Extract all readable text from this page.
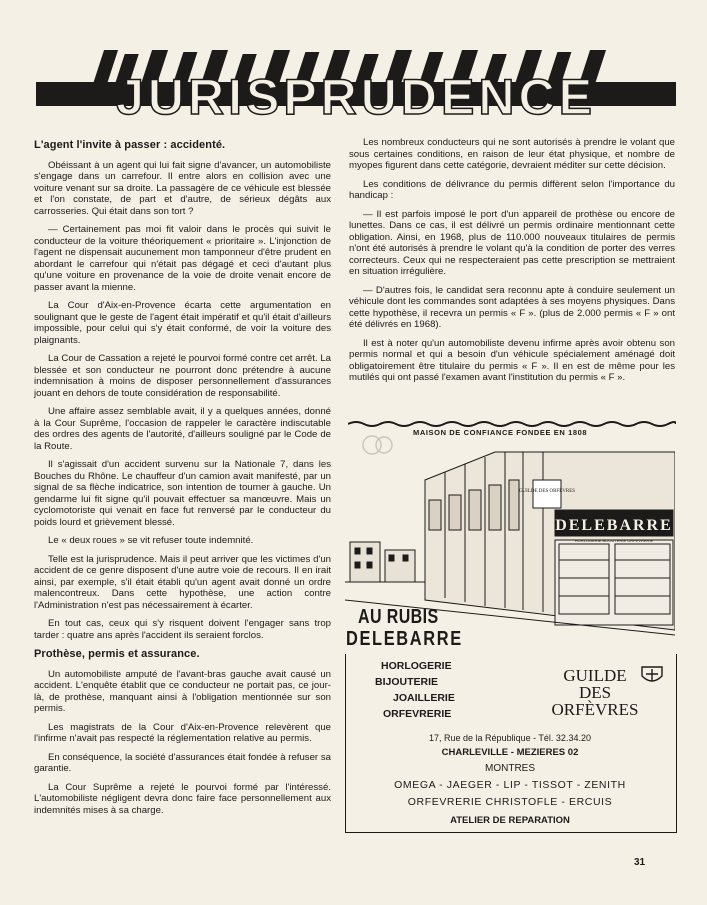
JURISPRUDENCE
L'agent l'invite à passer : accidenté.

Obéissant à un agent qui lui fait signe d'avancer, un automobiliste s'engage dans un carrefour. Il entre alors en collision avec une voiture venant sur sa droite. La passagère de ce véhicule est blessée et l'on constate, de part et d'autre, de sérieux dégâts aux carrosseries. Qui était dans son tort ?

— Certainement pas moi fit valoir dans le procès qui suivit le conducteur de la voiture théoriquement « prioritaire ». L'injonction de l'agent ne dispensait aucunement mon tamponneur d'être prudent en abordant le carrefour qui n'était pas dégagé et ceci d'autant plus qu'une voiture en provenance de la voie de droite venait encore de passer avant la mienne.

La Cour d'Aix-en-Provence écarta cette argumentation en soulignant que le geste de l'agent était impératif et qu'il était d'ailleurs impossible, pour celui qui s'y était conformé, de voir la voiture des plaignants.

La Cour de Cassation a rejeté le pourvoi formé contre cet arrêt. La blessée et son conducteur ne pourront donc prétendre à aucune indemnisation à moins de disposer personnellement d'assurances jouant en dehors de toute considération de responsabilité.

Une affaire assez semblable avait, il y a quelques années, donné à la Cour Suprême, l'occasion de rappeler le caractère indiscutable des ordres des agents de l'autorité, d'ailleurs souligné par le Code de la Route.

Il s'agissait d'un accident survenu sur la Nationale 7, dans les Bouches du Rhône. Le chauffeur d'un camion avait manifesté, par un signal de sa flèche indicatrice, son intention de tourner à gauche. Un gendarme lui fit signe qu'il pouvait effectuer sa manœuvre. Mais un cyclomotoriste qui venait en face fut renversé par le conducteur du poids lourd et grièvement blessé.

Le « deux roues » se vit refuser toute indemnité.

Telle est la jurisprudence. Mais il peut arriver que les victimes d'un accident de ce genre disposent d'une autre voie de recours. Il en irait ainsi, par exemple, s'il était établi qu'un agent avait donné un ordre malencontreux. Dans cette hypothèse, une action contre l'Administration n'est pas nécessairement à écarter.

En tout cas, ceux qui s'y risquent doivent l'engager sans trop tarder : quatre ans après l'accident ils seraient forclos.

Prothèse, permis et assurance.

Un automobiliste amputé de l'avant-bras gauche avait causé un accident. L'enquête établit que ce conducteur ne portait pas, ce jour-là, de prothèse, manquant ainsi à l'obligation mentionnée sur son permis.

Les magistrats de la Cour d'Aix-en-Provence relevèrent que l'infirme n'avait pas respecté la réglementation relative au permis.

En conséquence, la société d'assurances était fondée à refuser sa garantie.

La Cour Suprême a rejeté le pourvoi formé par l'intéressé. L'automobiliste négligent devra donc faire face personnellement aux indemnités mises à sa charge.

Les nombreux conducteurs qui ne sont autorisés à prendre le volant que sous certaines conditions, en raison de leur état physique, et nombre de myopes figurent dans cette catégorie, devraient méditer sur cette décision.

Les conditions de délivrance du permis diffèrent selon l'importance du handicap :

— Il est parfois imposé le port d'un appareil de prothèse ou encore de lunettes. Dans ce cas, il est délivré un permis ordinaire mentionnant cette obligation. Ainsi, en 1968, plus de 110.000 nouveaux titulaires de permis n'ont été autorisés à prendre le volant qu'à la condition de porter des verres correcteurs. Ceux qui ne respecteraient pas cette prescription se mettraient en situation irrégulière.

— D'autres fois, le candidat sera reconnu apte à conduire seulement un véhicule dont les commandes sont adaptées à ses moyens physiques. Dans cette hypothèse, il recevra un permis « F ». (plus de 2.000 permis « F » ont été délivrés en 1968).

Il est à noter qu'un automobiliste devenu infirme après avoir obtenu son permis normal et qui a besoin d'un véhicule spécialement aménagé doit obligatoirement être titulaire du permis « F ». Il en est de même pour les mutilés qui ont passé l'examen avant l'institution du permis « F ».

MAISON DE CONFIANCE FONDEE EN 1808
DELEBARRE
GUILDE DES ORFÈVRES
HORLOGERIE BIJOUTERIE ORFEVRERIE
AU RUBIS
DELEBARRE
HORLOGERIE
BIJOUTERIE
JOAILLERIE
ORFEVRERIE
GUILDE
DES
ORFÈVRES
17, Rue de la République - Tél. 32.34.20
CHARLEVILLE - MEZIERES 02
MONTRES
OMEGA - JAEGER - LIP - TISSOT - ZENITH
ORFEVRERIE CHRISTOFLE - ERCUIS
ATELIER DE REPARATION
31
